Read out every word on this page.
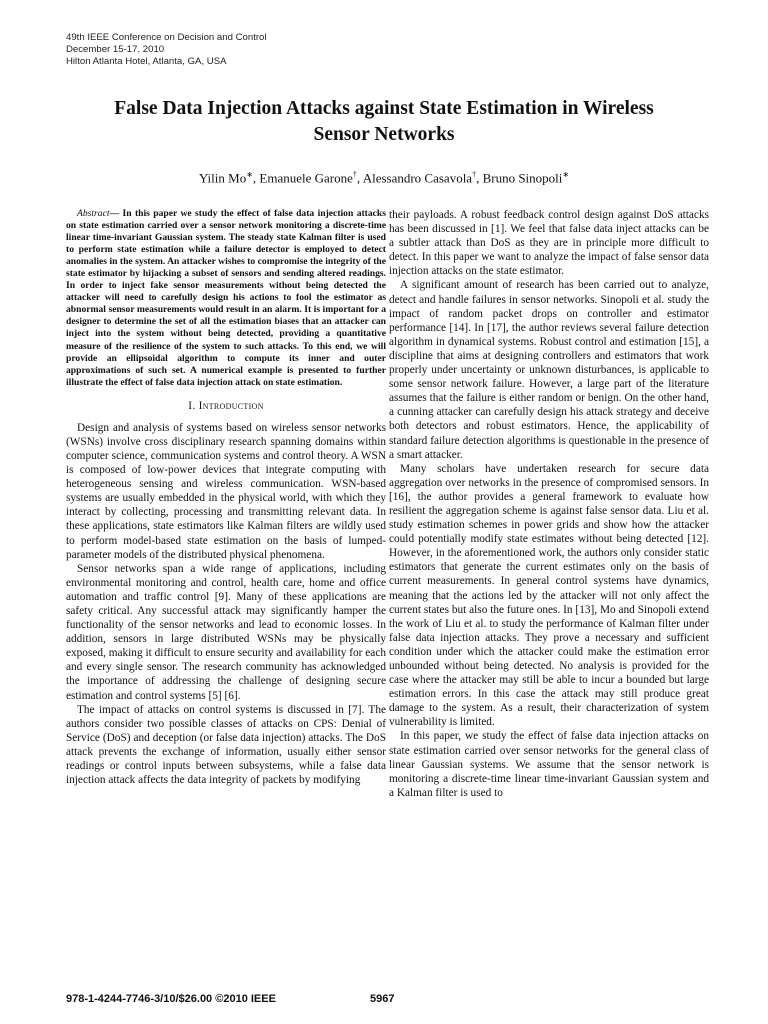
49th IEEE Conference on Decision and Control
December 15-17, 2010
Hilton Atlanta Hotel, Atlanta, GA, USA
False Data Injection Attacks against State Estimation in Wireless
Sensor Networks
Yilin Mo∗, Emanuele Garone†, Alessandro Casavola†, Bruno Sinopoli∗

Abstract— In this paper we study the effect of false data injection attacks on state estimation carried over a sensor network monitoring a discrete-time linear time-invariant Gaussian system. The steady state Kalman filter is used to perform state estimation while a failure detector is employed to detect anomalies in the system. An attacker wishes to compromise the integrity of the state estimator by hijacking a subset of sensors and sending altered readings. In order to inject fake sensor measurements without being detected the attacker will need to carefully design his actions to fool the estimator as abnormal sensor measurements would result in an alarm. It is important for a designer to determine the set of all the estimation biases that an attacker can inject into the system without being detected, providing a quantitative measure of the resilience of the system to such attacks. To this end, we will provide an ellipsoidal algorithm to compute its inner and outer approximations of such set. A numerical example is presented to further illustrate the effect of false data injection attack on state estimation.

I. Introduction

Design and analysis of systems based on wireless sensor networks (WSNs) involve cross disciplinary research spanning domains within computer science, communication systems and control theory. A WSN is composed of low-power devices that integrate computing with heterogeneous sensing and wireless communication. WSN-based systems are usually embedded in the physical world, with which they interact by collecting, processing and transmitting relevant data. In these applications, state estimators like Kalman filters are wildly used to perform model-based state estimation on the basis of lumped-parameter models of the distributed physical phenomena.

Sensor networks span a wide range of applications, including environmental monitoring and control, health care, home and office automation and traffic control [9]. Many of these applications are safety critical. Any successful attack may significantly hamper the functionality of the sensor networks and lead to economic losses. In addition, sensors in large distributed WSNs may be physically exposed, making it difficult to ensure security and availability for each and every single sensor. The research community has acknowledged the importance of addressing the challenge of designing secure estimation and control systems [5] [6].

The impact of attacks on control systems is discussed in [7]. The authors consider two possible classes of attacks on CPS: Denial of Service (DoS) and deception (or false data injection) attacks. The DoS attack prevents the exchange of information, usually either sensor readings or control inputs between subsystems, while a false data injection attack affects the data integrity of packets by modifying

their payloads. A robust feedback control design against DoS attacks has been discussed in [1]. We feel that false data inject attacks can be a subtler attack than DoS as they are in principle more difficult to detect. In this paper we want to analyze the impact of false sensor data injection attacks on the state estimator.

A significant amount of research has been carried out to analyze, detect and handle failures in sensor networks. Sinopoli et al. study the impact of random packet drops on controller and estimator performance [14]. In [17], the author reviews several failure detection algorithm in dynamical systems. Robust control and estimation [15], a discipline that aims at designing controllers and estimators that work properly under uncertainty or unknown disturbances, is applicable to some sensor network failure. However, a large part of the literature assumes that the failure is either random or benign. On the other hand, a cunning attacker can carefully design his attack strategy and deceive both detectors and robust estimators. Hence, the applicability of standard failure detection algorithms is questionable in the presence of a smart attacker.

Many scholars have undertaken research for secure data aggregation over networks in the presence of compromised sensors. In [16], the author provides a general framework to evaluate how resilient the aggregation scheme is against false sensor data. Liu et al. study estimation schemes in power grids and show how the attacker could potentially modify state estimates without being detected [12]. However, in the aforementioned work, the authors only consider static estimators that generate the current estimates only on the basis of current measurements. In general control systems have dynamics, meaning that the actions led by the attacker will not only affect the current states but also the future ones. In [13], Mo and Sinopoli extend the work of Liu et al. to study the performance of Kalman filter under false data injection attacks. They prove a necessary and sufficient condition under which the attacker could make the estimation error unbounded without being detected. No analysis is provided for the case where the attacker may still be able to incur a bounded but large estimation errors. In this case the attack may still produce great damage to the system. As a result, their characterization of system vulnerability is limited.

In this paper, we study the effect of false data injection attacks on state estimation carried over sensor networks for the general class of linear Gaussian systems. We assume that the sensor network is monitoring a discrete-time linear time-invariant Gaussian system and a Kalman filter is used to

978-1-4244-7746-3/10/$26.00 ©2010 IEEE	5967
